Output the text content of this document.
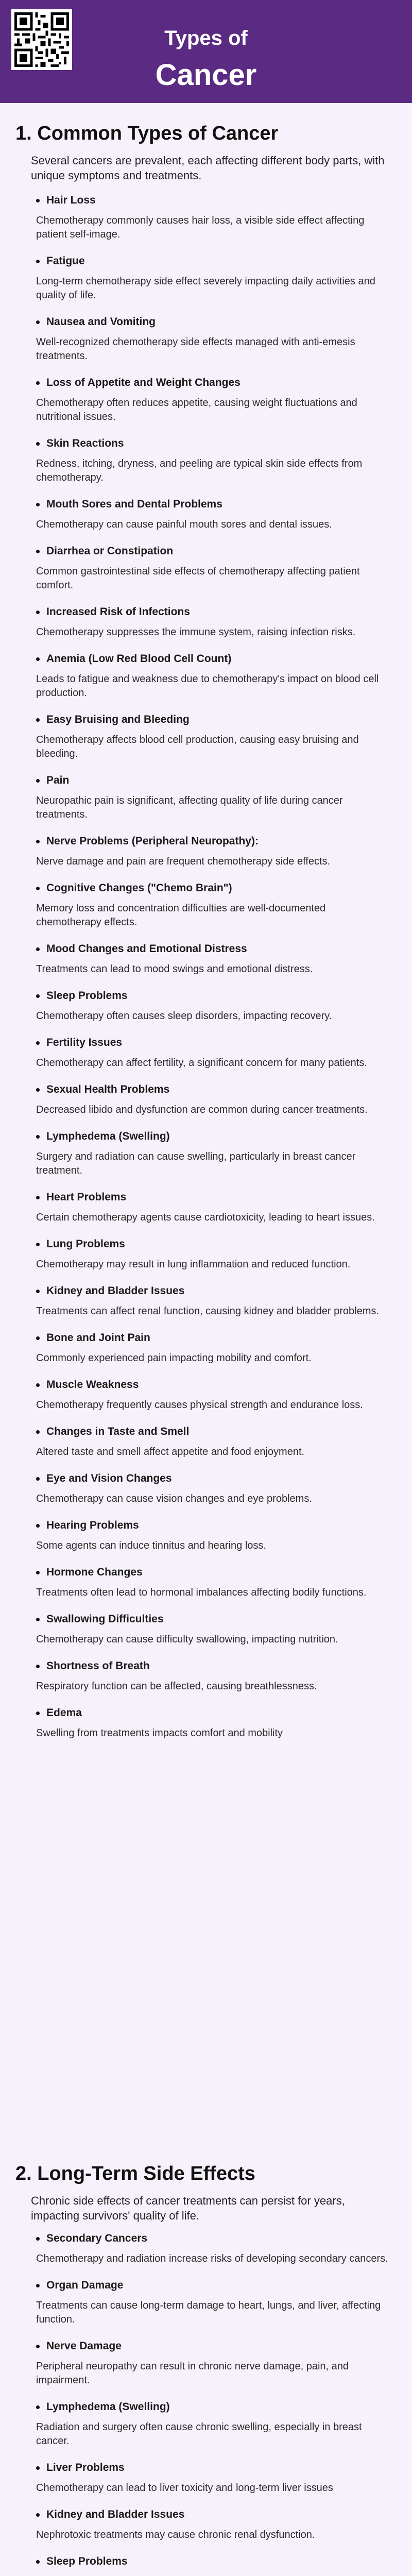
Types of
Cancer
1. Common Types of Cancer

Several cancers are prevalent, each affecting different body parts, with unique symptoms and treatments.

Hair Loss

Chemotherapy commonly causes hair loss, a visible side effect affecting patient self-image.

Fatigue

Long-term chemotherapy side effect severely impacting daily activities and quality of life.

Nausea and Vomiting

Well-recognized chemotherapy side effects managed with anti-emesis treatments.

Loss of Appetite and Weight Changes

Chemotherapy often reduces appetite, causing weight fluctuations and nutritional issues.

Skin Reactions

Redness, itching, dryness, and peeling are typical skin side effects from chemotherapy.

Mouth Sores and Dental Problems

Chemotherapy can cause painful mouth sores and dental issues.

Diarrhea or Constipation

Common gastrointestinal side effects of chemotherapy affecting patient comfort.

Increased Risk of Infections

Chemotherapy suppresses the immune system, raising infection risks.

Anemia (Low Red Blood Cell Count)

Leads to fatigue and weakness due to chemotherapy's impact on blood cell production.

Easy Bruising and Bleeding

Chemotherapy affects blood cell production, causing easy bruising and bleeding.

Pain

Neuropathic pain is significant, affecting quality of life during cancer treatments.

Nerve Problems (Peripheral Neuropathy):

Nerve damage and pain are frequent chemotherapy side effects.

Cognitive Changes ("Chemo Brain")

Memory loss and concentration difficulties are well-documented chemotherapy effects.

Mood Changes and Emotional Distress

Treatments can lead to mood swings and emotional distress.

Sleep Problems

Chemotherapy often causes sleep disorders, impacting recovery.

Fertility Issues

Chemotherapy can affect fertility, a significant concern for many patients.

Sexual Health Problems

Decreased libido and dysfunction are common during cancer treatments.

Lymphedema (Swelling)

Surgery and radiation can cause swelling, particularly in breast cancer treatment.

Heart Problems

Certain chemotherapy agents cause cardiotoxicity, leading to heart issues.

Lung Problems

Chemotherapy may result in lung inflammation and reduced function.

Kidney and Bladder Issues

Treatments can affect renal function, causing kidney and bladder problems.

Bone and Joint Pain

Commonly experienced pain impacting mobility and comfort.

Muscle Weakness

Chemotherapy frequently causes physical strength and endurance loss.

Changes in Taste and Smell

Altered taste and smell affect appetite and food enjoyment.

Eye and Vision Changes

Chemotherapy can cause vision changes and eye problems.

Hearing Problems

Some agents can induce tinnitus and hearing loss.

Hormone Changes

Treatments often lead to hormonal imbalances affecting bodily functions.

Swallowing Difficulties

Chemotherapy can cause difficulty swallowing, impacting nutrition.

Shortness of Breath

Respiratory function can be affected, causing breathlessness.

Edema

Swelling from treatments impacts comfort and mobility

2. Long-Term Side Effects

Chronic side effects of cancer treatments can persist for years, impacting survivors' quality of life.

Secondary Cancers

Chemotherapy and radiation increase risks of developing secondary cancers.

Organ Damage

Treatments can cause long-term damage to heart, lungs, and liver, affecting function.

Nerve Damage

Peripheral neuropathy can result in chronic nerve damage, pain, and impairment.

Lymphedema (Swelling)

Radiation and surgery often cause chronic swelling, especially in breast cancer.

Liver Problems

Chemotherapy can lead to liver toxicity and long-term liver issues

Kidney and Bladder Issues

Nephrotoxic treatments may cause chronic renal dysfunction.

Sleep Problems
